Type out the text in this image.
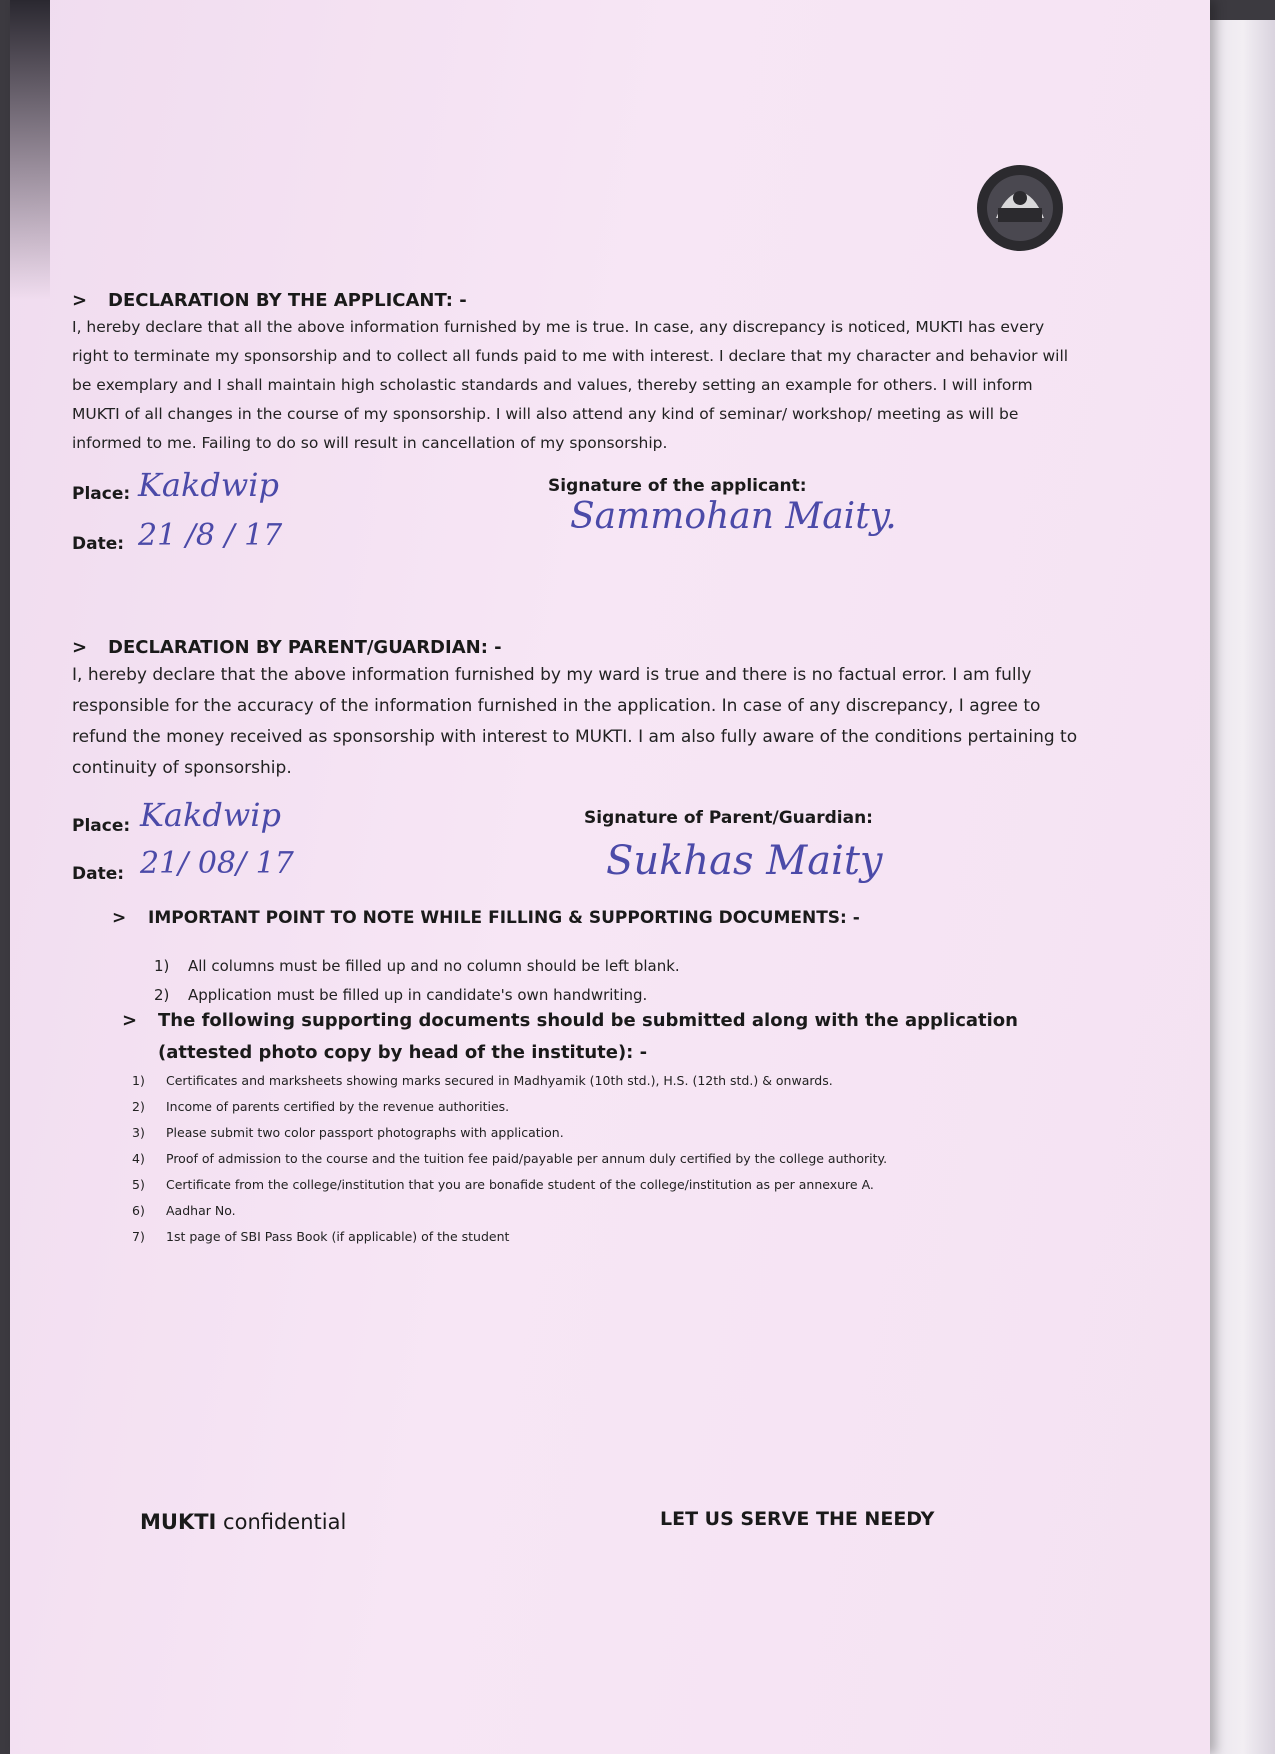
> DECLARATION BY THE APPLICANT: -
I, hereby declare that all the above information furnished by me is true. In case, any discrepancy is noticed, MUKTI has every right to terminate my sponsorship and to collect all funds paid to me with interest. I declare that my character and behavior will be exemplary and I shall maintain high scholastic standards and values, thereby setting an example for others. I will inform MUKTI of all changes in the course of my sponsorship. I will also attend any kind of seminar/ workshop/ meeting as will be informed to me. Failing to do so will result in cancellation of my sponsorship.
Place: Kakdwip
Date: 21 /8 / 17
Signature of the applicant:
Sammohan Maity.
> DECLARATION BY PARENT/GUARDIAN: -
I, hereby declare that the above information furnished by my ward is true and there is no factual error. I am fully responsible for the accuracy of the information furnished in the application. In case of any discrepancy, I agree to refund the money received as sponsorship with interest to MUKTI. I am also fully aware of the conditions pertaining to continuity of sponsorship.
Place: Kakdwip
Date: 21/ 08/ 17
Signature of Parent/Guardian:
Sukhas Maity
> IMPORTANT POINT TO NOTE WHILE FILLING & SUPPORTING DOCUMENTS: -
1) All columns must be filled up and no column should be left blank.
2) Application must be filled up in candidate's own handwriting.
> The following supporting documents should be submitted along with the application (attested photo copy by head of the institute): -
1) Certificates and marksheets showing marks secured in Madhyamik (10th std.), H.S. (12th std.) & onwards.
2) Income of parents certified by the revenue authorities.
3) Please submit two color passport photographs with application.
4) Proof of admission to the course and the tuition fee paid/payable per annum duly certified by the college authority.
5) Certificate from the college/institution that you are bonafide student of the college/institution as per annexure A.
6) Aadhar No.
7) 1st page of SBI Pass Book (if applicable) of the student
MUKTI confidential	LET US SERVE THE NEEDY
